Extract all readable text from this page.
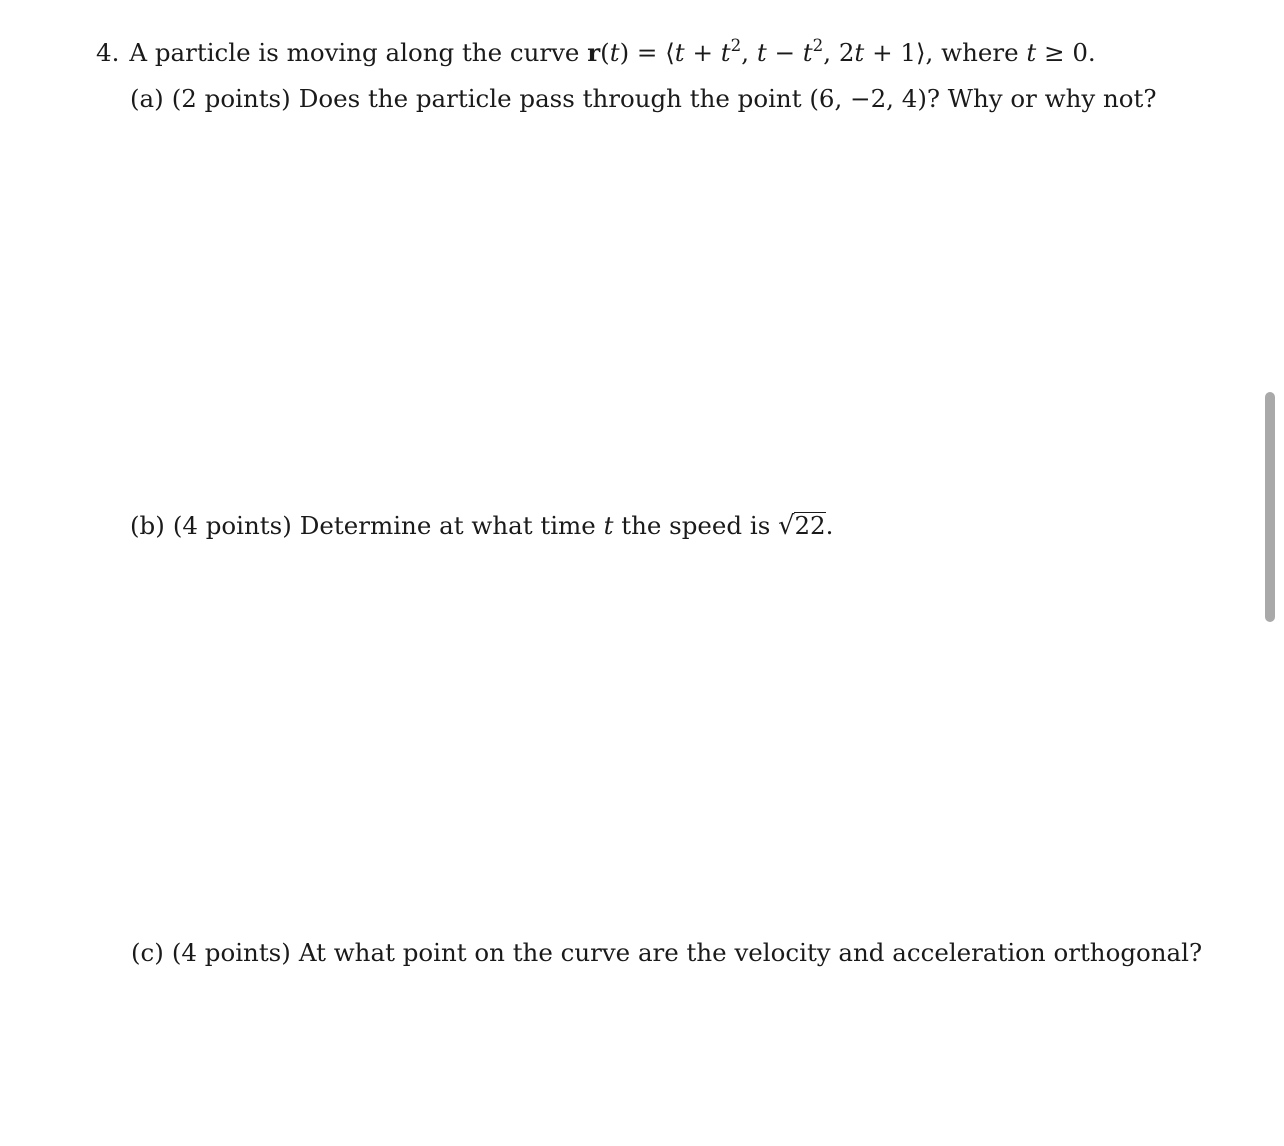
4. A particle is moving along the curve r(t) = ⟨t + $t^2$, $t - t^2$, 2t + 1⟩, where t ≥ 0.
(a) (2 points) Does the particle pass through the point (6, −2, 4)? Why or why not?
(b) (4 points) Determine at what time t the speed is √22.
(c) (4 points) At what point on the curve are the velocity and acceleration orthogonal?
